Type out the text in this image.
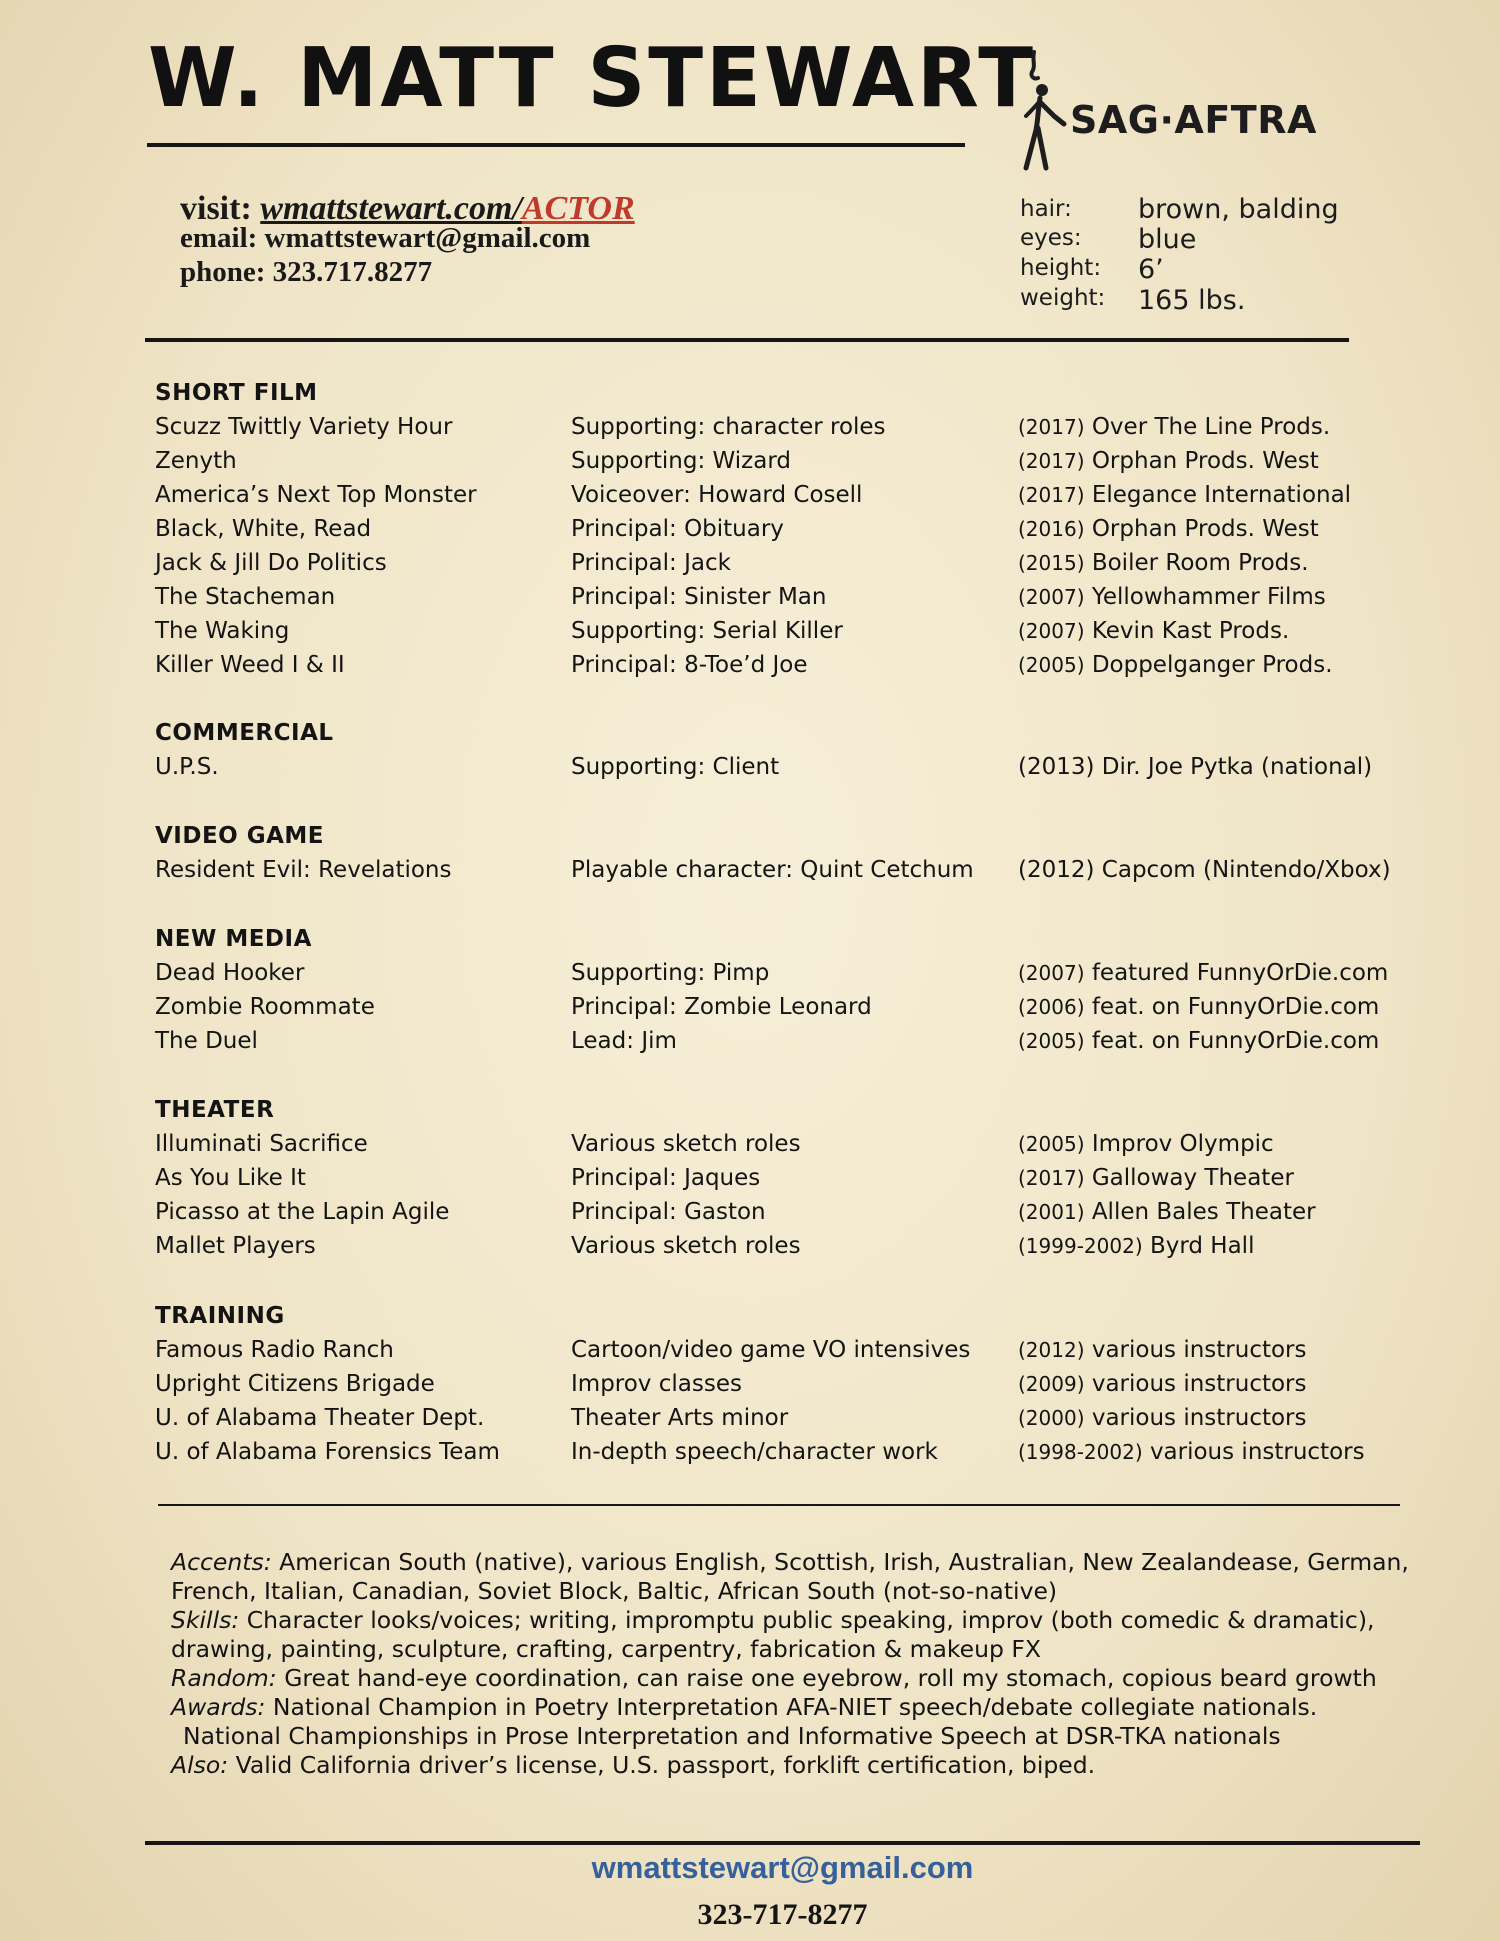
W. MATT STEWART SAG·AFTRA
visit: wmattstewart.com/ACTOR
email: wmattstewart@gmail.com
phone: 323.717.8277
hair: brown, balding
eyes: blue
height: 6’
weight: 165 lbs.
SHORT FILM
Scuzz Twittly Variety Hour	Supporting: character roles	(2017) Over The Line Prods.
Zenyth	Supporting: Wizard	(2017) Orphan Prods. West
America’s Next Top Monster	Voiceover: Howard Cosell	(2017) Elegance International
Black, White, Read	Principal: Obituary	(2016) Orphan Prods. West
Jack & Jill Do Politics	Principal: Jack	(2015) Boiler Room Prods.
The Stacheman	Principal: Sinister Man	(2007) Yellowhammer Films
The Waking	Supporting: Serial Killer	(2007) Kevin Kast Prods.
Killer Weed I & II	Principal: 8-Toe’d Joe	(2005) Doppelganger Prods.
COMMERCIAL
U.P.S.	Supporting: Client	(2013) Dir. Joe Pytka (national)
VIDEO GAME
Resident Evil: Revelations	Playable character: Quint Cetchum (2012) Capcom (Nintendo/Xbox)
NEW MEDIA
Dead Hooker	Supporting: Pimp	(2007) featured FunnyOrDie.com
Zombie Roommate	Principal: Zombie Leonard	(2006) feat. on FunnyOrDie.com
The Duel	Lead: Jim	(2005) feat. on FunnyOrDie.com
THEATER
Illuminati Sacrifice	Various sketch roles	(2005) Improv Olympic
As You Like It	Principal: Jaques	(2017) Galloway Theater
Picasso at the Lapin Agile	Principal: Gaston	(2001) Allen Bales Theater
Mallet Players	Various sketch roles	(1999-2002) Byrd Hall
TRAINING
Famous Radio Ranch	Cartoon/video game VO intensives (2012) various instructors
Upright Citizens Brigade	Improv classes	(2009) various instructors
U. of Alabama Theater Dept.	Theater Arts minor	(2000) various instructors
U. of Alabama Forensics Team	In-depth speech/character work	(1998-2002) various instructors

Accents: American South (native), various English, Scottish, Irish, Australian, New Zealandease, German,

French, Italian, Canadian, Soviet Block, Baltic, African South (not-so-native)

Skills: Character looks/voices; writing, impromptu public speaking, improv (both comedic & dramatic),

drawing, painting, sculpture, crafting, carpentry, fabrication & makeup FX

Random: Great hand-eye coordination, can raise one eyebrow, roll my stomach, copious beard growth

Awards: National Champion in Poetry Interpretation AFA-NIET speech/debate collegiate nationals.

National Championships in Prose Interpretation and Informative Speech at DSR-TKA nationals

Also: Valid California driver’s license, U.S. passport, forklift certification, biped.

wmattstewart@gmail.com
323-717-8277
